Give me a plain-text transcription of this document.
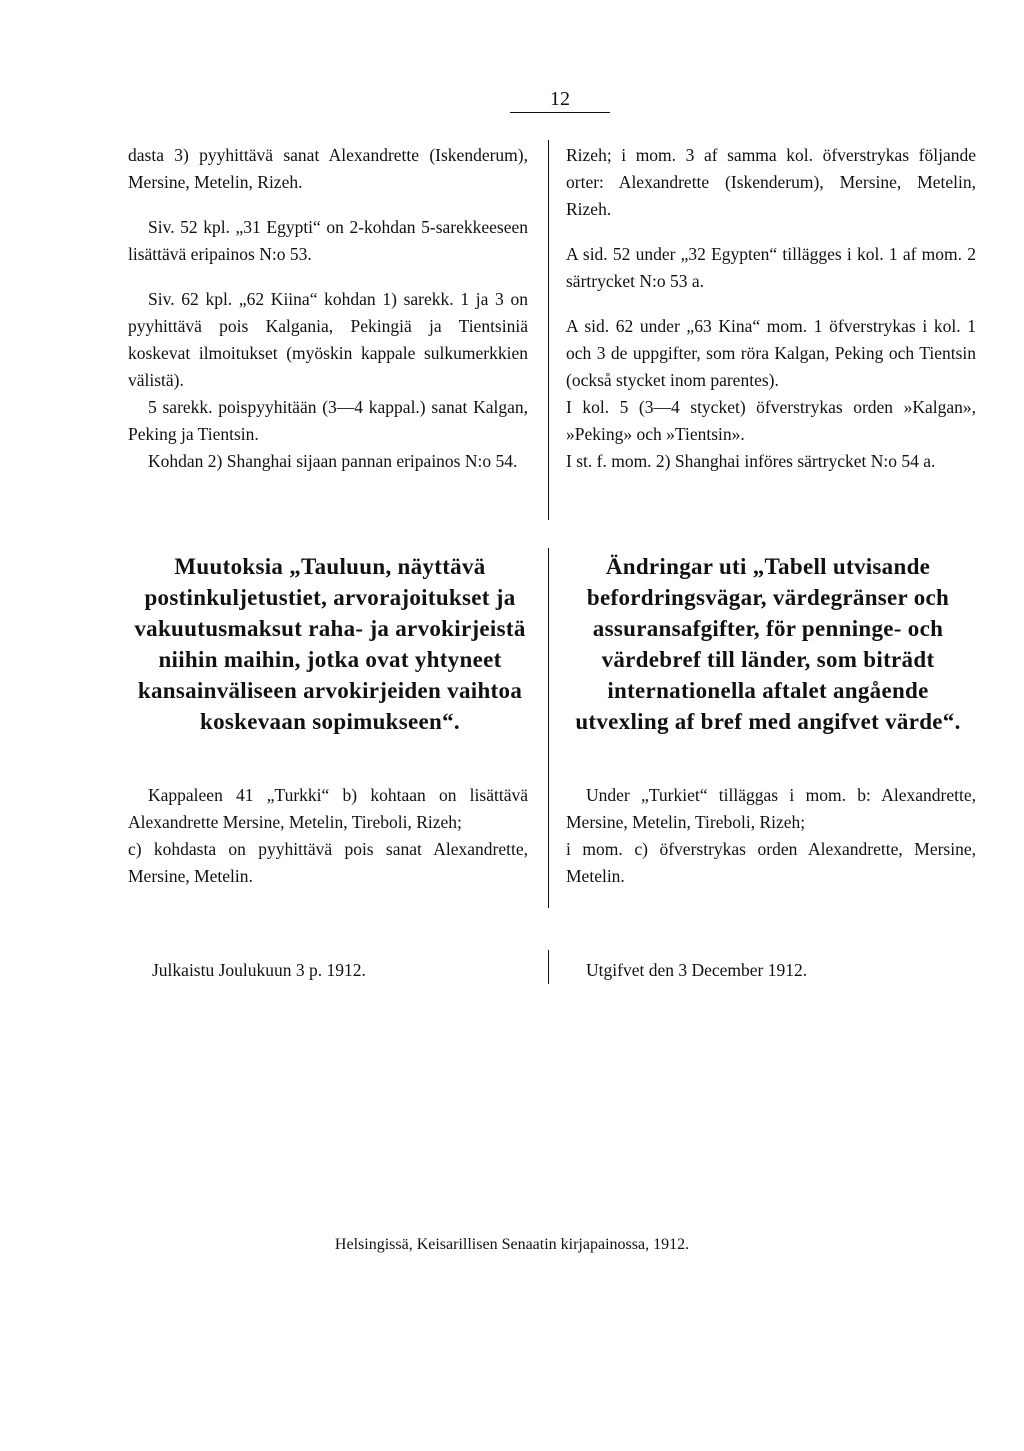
12

dasta 3) pyyhittävä sanat Alexandrette (Iskenderum), Mersine, Metelin, Rizeh.

Siv. 52 kpl. „31 Egypti“ on 2-kohdan 5-sarekkeeseen lisättävä eripainos N:o 53.

Siv. 62 kpl. „62 Kiina“ kohdan 1) sarekk. 1 ja 3 on pyyhittävä pois Kalgania, Pekingiä ja Tientsiniä koskevat ilmoitukset (myöskin kappale sulkumerkkien välistä).

5 sarekk. poispyyhitään (3—4 kappal.) sanat Kalgan, Peking ja Tientsin.

Kohdan 2) Shanghai sijaan pannan eripainos N:o 54.

Rizeh; i mom. 3 af samma kol. öfverstrykas följande orter: Alexandrette (Iskenderum), Mersine, Metelin, Rizeh.

A sid. 52 under „32 Egypten“ tillägges i kol. 1 af mom. 2 särtrycket N:o 53 a.

A sid. 62 under „63 Kina“ mom. 1 öfverstrykas i kol. 1 och 3 de uppgifter, som röra Kalgan, Peking och Tientsin (också stycket inom parentes).

I kol. 5 (3—4 stycket) öfverstrykas orden »Kalgan», »Peking» och »Tientsin».

I st. f. mom. 2) Shanghai införes särtrycket N:o 54 a.

Muutoksia „Tauluun, näyttävä postinkuljetustiet, arvorajoitukset ja vakuutusmaksut raha- ja arvokirjeistä niihin maihin, jotka ovat yhtyneet kansainväliseen arvokirjeiden vaihtoa koskevaan sopimukseen“.
Ändringar uti „Tabell utvisande befordringsvägar, värdegränser och assuransafgifter, för penninge- och värdebref till länder, som biträdt internationella aftalet angående utvexling af bref med angifvet värde“.

Kappaleen 41 „Turkki“ b) kohtaan on lisättävä Alexandrette Mersine, Metelin, Tireboli, Rizeh;

c) kohdasta on pyyhittävä pois sanat Alexandrette, Mersine, Metelin.

Under „Turkiet“ tilläggas i mom. b: Alexandrette, Mersine, Metelin, Tireboli, Rizeh;

i mom. c) öfverstrykas orden Alexandrette, Mersine, Metelin.

Julkaistu Joulukuun 3 p. 1912.	Utgifvet den 3 December 1912.
Helsingissä, Keisarillisen Senaatin kirjapainossa, 1912.
